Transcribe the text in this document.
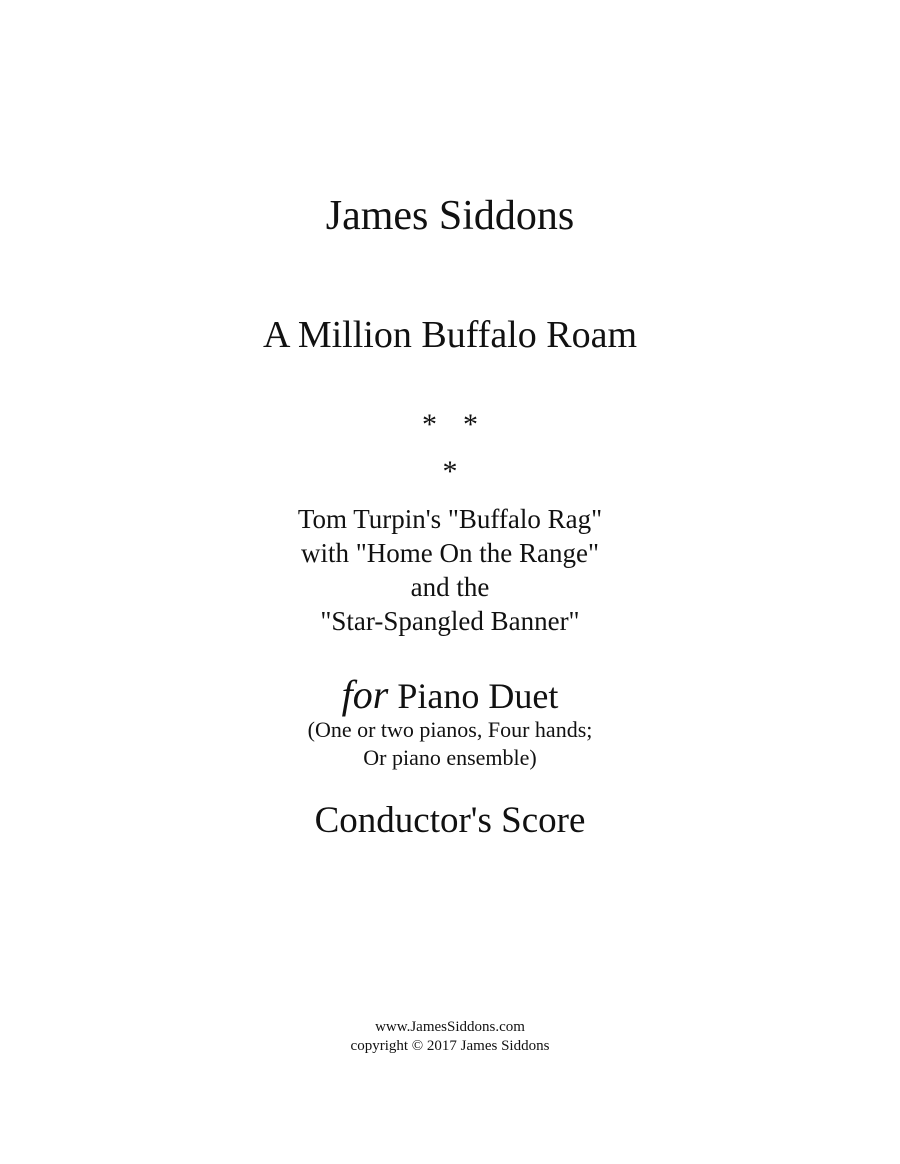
James Siddons
A Million Buffalo Roam
* *
*
Tom Turpin's "Buffalo Rag"
with "Home On the Range"
and the
"Star-Spangled Banner"
for Piano Duet
(One or two pianos, Four hands;
Or piano ensemble)
Conductor's Score
www.JamesSiddons.com
copyright © 2017 James Siddons
